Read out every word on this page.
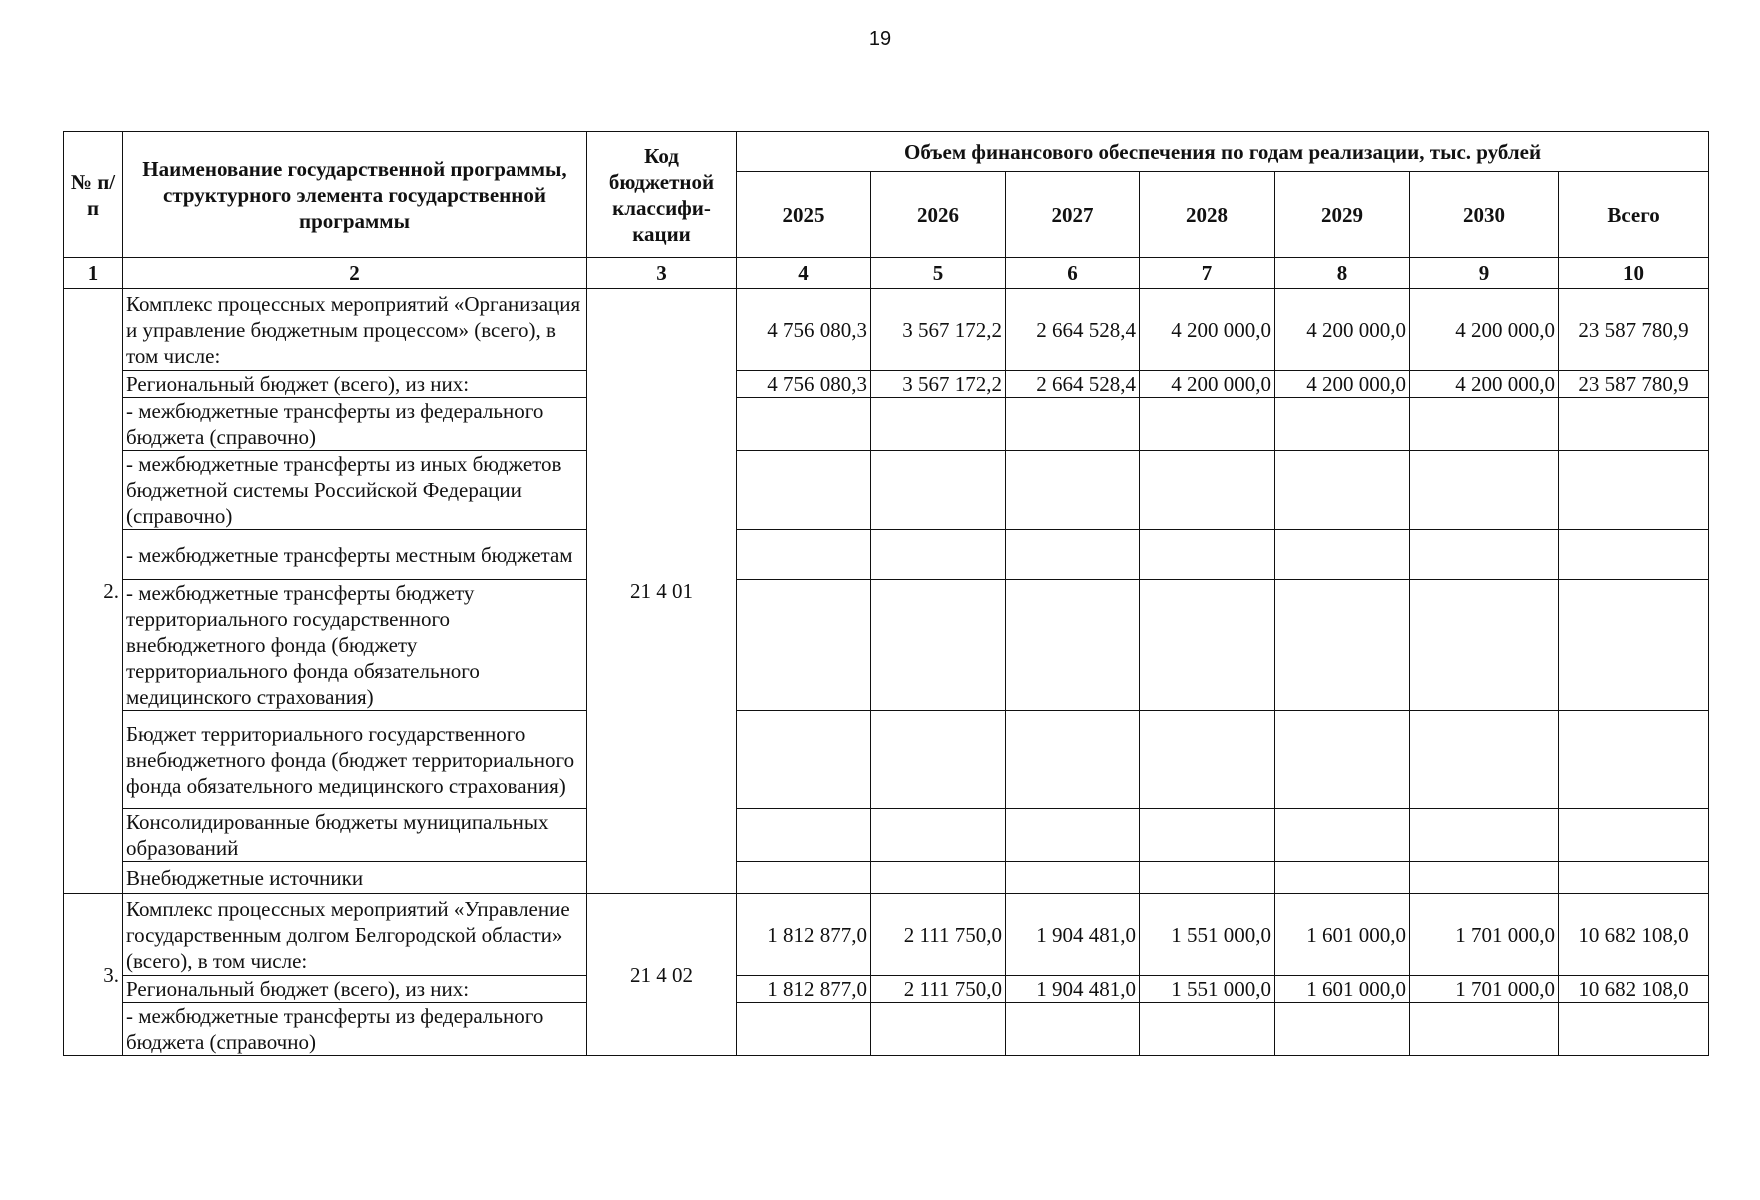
19
№ п/п	Наименование государственной программы, структурного элемента государственной программы	Код бюджетной классифи- кации	Объем финансового обеспечения по годам реализации, тыс. рублей						
			2025	2026	2027	2028	2029	2030	Всего
1	2	3	4	5	6	7	8	9	10
2.	Комплекс процессных мероприятий «Организация и управление бюджетным процессом» (всего), в том числе:	21 4 01	4 756 080,3	3 567 172,2	2 664 528,4	4 200 000,0	4 200 000,0	4 200 000,0	23 587 780,9
	Региональный бюджет (всего), из них:		4 756 080,3	3 567 172,2	2 664 528,4	4 200 000,0	4 200 000,0	4 200 000,0	23 587 780,9
	- межбюджетные трансферты из федерального бюджета (справочно)								
	- межбюджетные трансферты из иных бюджетов бюджетной системы Российской Федерации (справочно)								
	- межбюджетные трансферты местным бюджетам								
	- межбюджетные трансферты бюджету территориального государственного внебюджетного фонда (бюджету территориального фонда обязательного медицинского страхования)								
	Бюджет территориального государственного внебюджетного фонда (бюджет территориального фонда обязательного медицинского страхования)								
	Консолидированные бюджеты муниципальных образований								
	Внебюджетные источники								
3.	Комплекс процессных мероприятий «Управление государственным долгом Белгородской области» (всего), в том числе:	21 4 02	1 812 877,0	2 111 750,0	1 904 481,0	1 551 000,0	1 601 000,0	1 701 000,0	10 682 108,0
	Региональный бюджет (всего), из них:		1 812 877,0	2 111 750,0	1 904 481,0	1 551 000,0	1 601 000,0	1 701 000,0	10 682 108,0
	- межбюджетные трансферты из федерального бюджета (справочно)								
